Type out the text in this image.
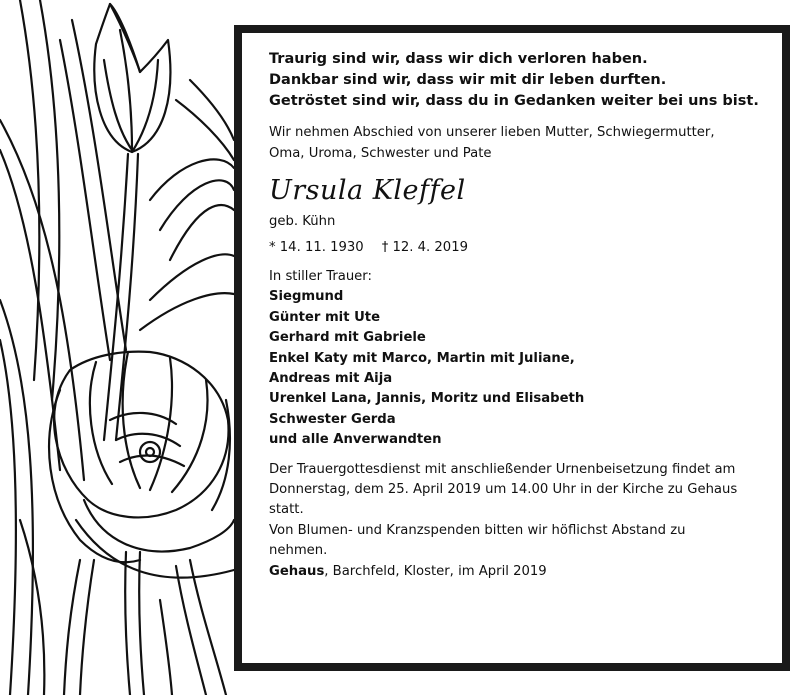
Traurig sind wir, dass wir dich verloren haben.
Dankbar sind wir, dass wir mit dir leben durften.
Getröstet sind wir, dass du in Gedanken weiter bei uns bist.
Wir nehmen Abschied von unserer lieben Mutter, Schwiegermutter,
Oma, Uroma, Schwester und Pate
Ursula Kleffel
geb. Kühn
* 14. 11. 1930 † 12. 4. 2019
In stiller Trauer:
Siegmund
Günter mit Ute
Gerhard mit Gabriele
Enkel Katy mit Marco, Martin mit Juliane,
Andreas mit Aija
Urenkel Lana, Jannis, Moritz und Elisabeth
Schwester Gerda
und alle Anverwandten
Der Trauergottesdienst mit anschließender Urnenbeisetzung findet am
Donnerstag, dem 25. April 2019 um 14.00 Uhr in der Kirche zu Gehaus
statt.
Von Blumen- und Kranzspenden bitten wir höflichst Abstand zu
nehmen.
Gehaus, Barchfeld, Kloster, im April 2019
